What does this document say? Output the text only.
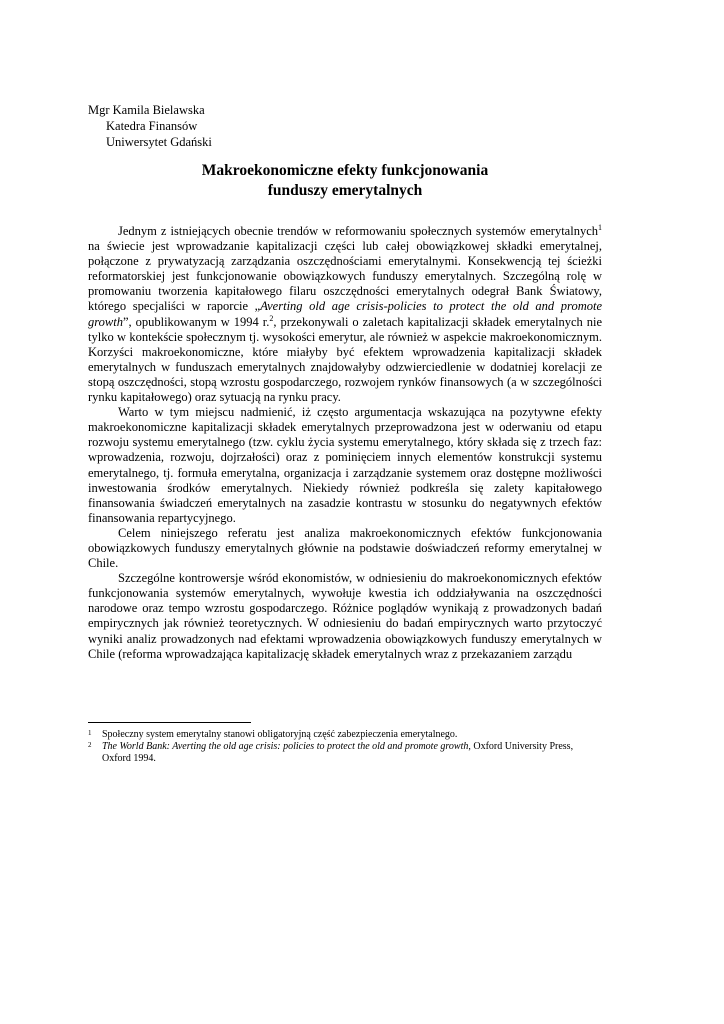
Mgr Kamila Bielawska
Katedra Finansów
Uniwersytet Gdański
Makroekonomiczne efekty funkcjonowania
funduszy emerytalnych

Jednym z istniejących obecnie trendów w reformowaniu społecznych systemów emerytalnych$^1$ na świecie jest wprowadzanie kapitalizacji części lub całej obowiązkowej składki emerytalnej, połączone z prywatyzacją zarządzania oszczędnościami emerytalnymi. Konsekwencją tej ścieżki reformatorskiej jest funkcjonowanie obowiązkowych funduszy emerytalnych. Szczególną rolę w promowaniu tworzenia kapitałowego filaru oszczędności emerytalnych odegrał Bank Światowy, którego specjaliści w raporcie „Averting old age crisis-policies to protect the old and promote growth”, opublikowanym w 1994 r.$^2$, przekonywali o zaletach kapitalizacji składek emerytalnych nie tylko w kontekście społecznym tj. wysokości emerytur, ale również w aspekcie makroekonomicznym. Korzyści makroekonomiczne, które miałyby być efektem wprowadzenia kapitalizacji składek emerytalnych w funduszach emerytalnych znajdowałyby odzwierciedlenie w dodatniej korelacji ze stopą oszczędności, stopą wzrostu gospodarczego, rozwojem rynków finansowych (a w szczególności rynku kapitałowego) oraz sytuacją na rynku pracy.

Warto w tym miejscu nadmienić, iż często argumentacja wskazująca na pozytywne efekty makroekonomiczne kapitalizacji składek emerytalnych przeprowadzona jest w oderwaniu od etapu rozwoju systemu emerytalnego (tzw. cyklu życia systemu emerytalnego, który składa się z trzech faz: wprowadzenia, rozwoju, dojrzałości) oraz z pominięciem innych elementów konstrukcji systemu emerytalnego, tj. formuła emerytalna, organizacja i zarządzanie systemem oraz dostępne możliwości inwestowania środków emerytalnych. Niekiedy również podkreśla się zalety kapitałowego finansowania świadczeń emerytalnych na zasadzie kontrastu w stosunku do negatywnych efektów finansowania repartycyjnego.

Celem niniejszego referatu jest analiza makroekonomicznych efektów funkcjonowania obowiązkowych funduszy emerytalnych głównie na podstawie doświadczeń reformy emerytalnej w Chile.

Szczególne kontrowersje wśród ekonomistów, w odniesieniu do makroekonomicznych efektów funkcjonowania systemów emerytalnych, wywołuje kwestia ich oddziaływania na oszczędności narodowe oraz tempo wzrostu gospodarczego. Różnice poglądów wynikają z prowadzonych badań empirycznych jak również teoretycznych. W odniesieniu do badań empirycznych warto przytoczyć wyniki analiz prowadzonych nad efektami wprowadzenia obowiązkowych funduszy emerytalnych w Chile (reforma wprowadzająca kapitalizację składek emerytalnych wraz z przekazaniem zarządu

1	Społeczny system emerytalny stanowi obligatoryjną część zabezpieczenia emerytalnego.
2	The World Bank: Averting the old age crisis: policies to protect the old and promote growth, Oxford University Press, Oxford 1994.
